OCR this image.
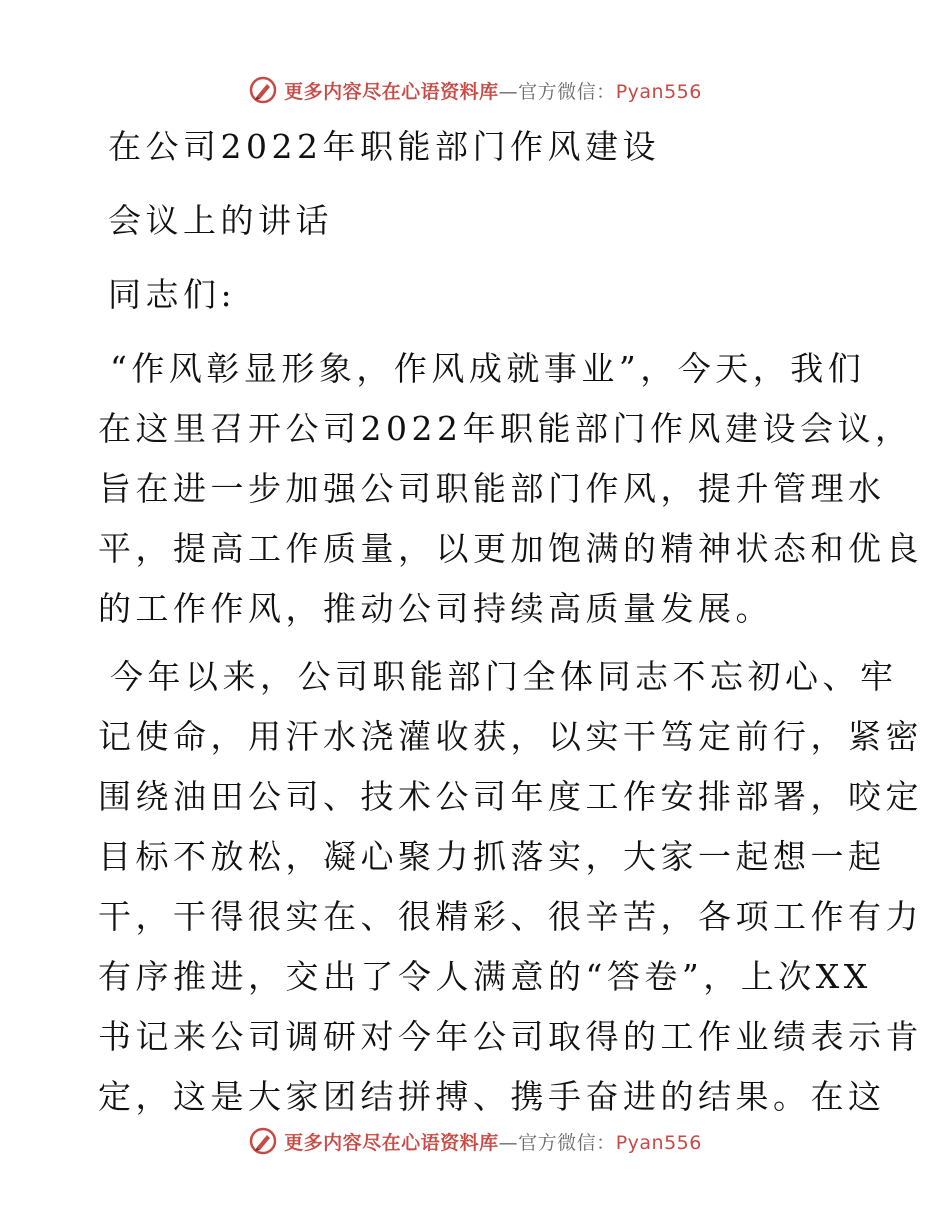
更多内容尽在心语资料库—官方微信：Pyan556
在公司2022年职能部门作风建设
会议上的讲话
同志们:
“作风彰显形象，作风成就事业”，今天，我们
在这里召开公司2022年职能部门作风建设会议，
旨在进一步加强公司职能部门作风，提升管理水
平，提高工作质量，以更加饱满的精神状态和优良
的工作作风，推动公司持续高质量发展。
今年以来，公司职能部门全体同志不忘初心、牢
记使命，用汗水浇灌收获，以实干笃定前行，紧密
围绕油田公司、技术公司年度工作安排部署，咬定
目标不放松，凝心聚力抓落实，大家一起想一起
干，干得很实在、很精彩、很辛苦，各项工作有力
有序推进，交出了令人满意的“答卷”，上次XX
书记来公司调研对今年公司取得的工作业绩表示肯
定，这是大家团结拼搏、携手奋进的结果。在这
更多内容尽在心语资料库—官方微信：Pyan556
